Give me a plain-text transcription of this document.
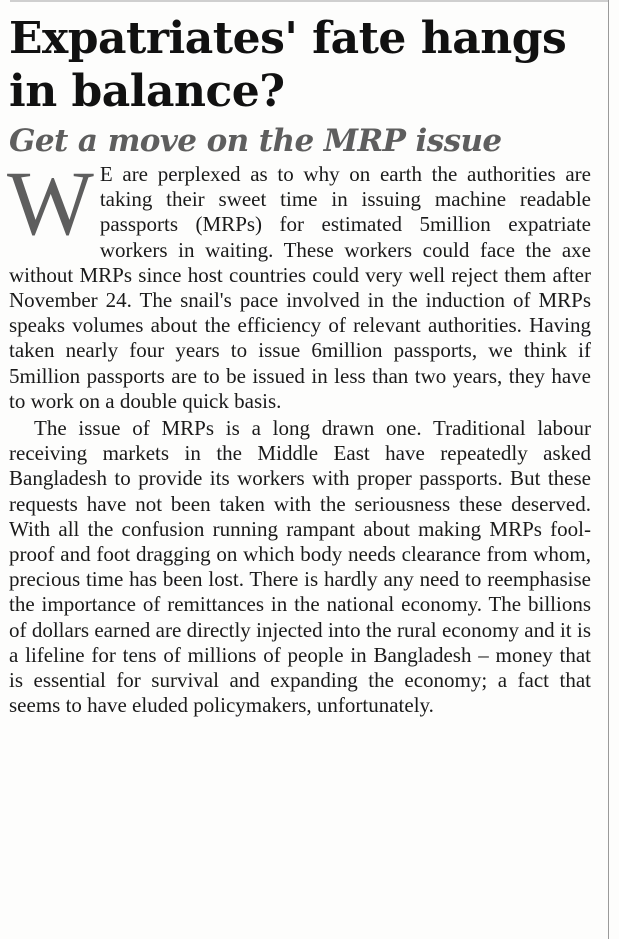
Expatriates' fate hangs in balance?
Get a move on the MRP issue

W E are perplexed as to why on earth the authorities are taking their sweet time in issuing machine readable passports (MRPs) for estimated 5million expatriate workers in waiting. These workers could face the axe without MRPs since host countries could very well reject them after November 24. The snail's pace involved in the induction of MRPs speaks volumes about the efficiency of relevant authorities. Having taken nearly four years to issue 6million passports, we think if 5million passports are to be issued in less than two years, they have to work on a double quick basis.

The issue of MRPs is a long drawn one. Traditional labour receiving markets in the Middle East have repeatedly asked Bangladesh to provide its workers with proper passports. But these requests have not been taken with the seriousness these deserved. With all the confusion running rampant about making MRPs fool-proof and foot dragging on which body needs clearance from whom, precious time has been lost. There is hardly any need to reemphasise the importance of remittances in the national economy. The billions of dollars earned are directly injected into the rural economy and it is a lifeline for tens of millions of people in Bangladesh – money that is essential for survival and expanding the economy; a fact that seems to have eluded policymakers, unfortunately.
